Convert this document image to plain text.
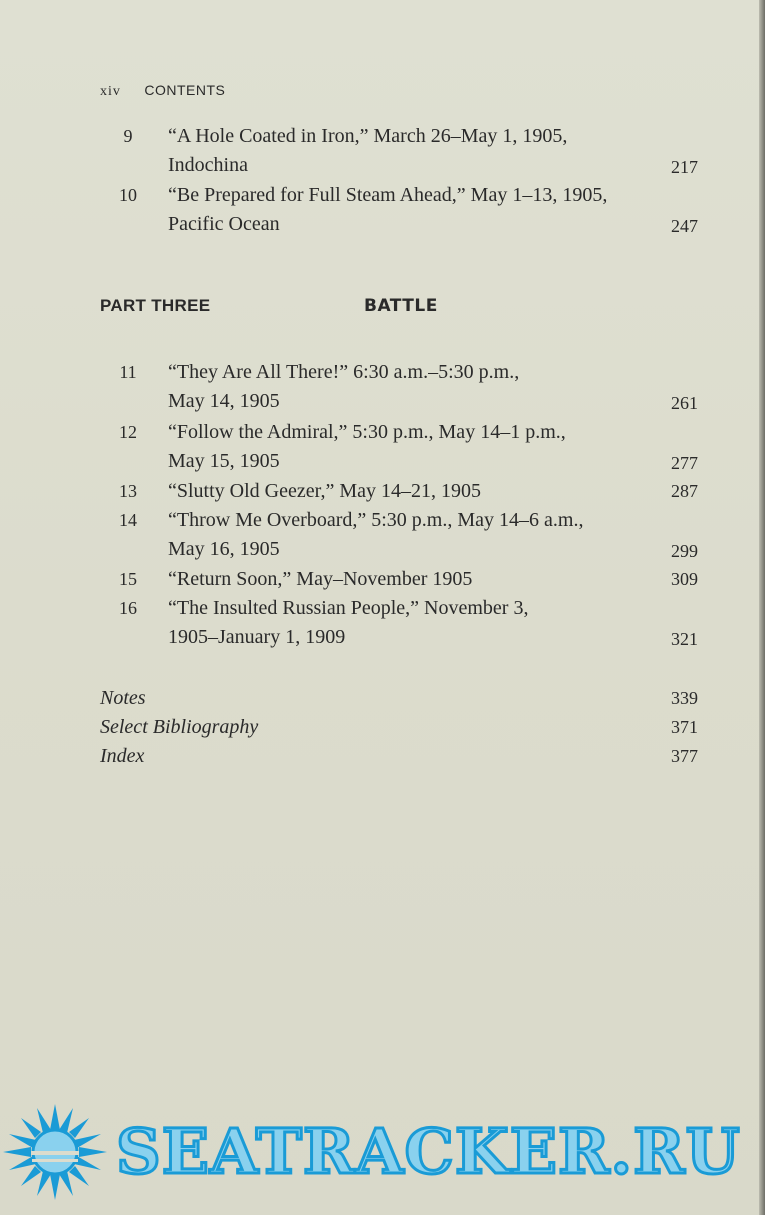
xiv CONTENTS
9	“A Hole Coated in Iron,” March 26–May 1, 1905,
Indochina	217
10	“Be Prepared for Full Steam Ahead,” May 1–13, 1905,
Pacific Ocean	247
PART THREE	BATTLE
11	“They Are All There!” 6:30 a.m.–5:30 p.m.,
May 14, 1905	261
12	“Follow the Admiral,” 5:30 p.m., May 14–1 p.m.,
May 15, 1905	277
13	“Slutty Old Geezer,” May 14–21, 1905	287
14	“Throw Me Overboard,” 5:30 p.m., May 14–6 a.m.,
May 16, 1905	299
15	“Return Soon,” May–November 1905	309
16	“The Insulted Russian People,” November 3,
1905–January 1, 1909	321
Notes	339
Select Bibliography	371
Index	377
SEATRACKER.RU
